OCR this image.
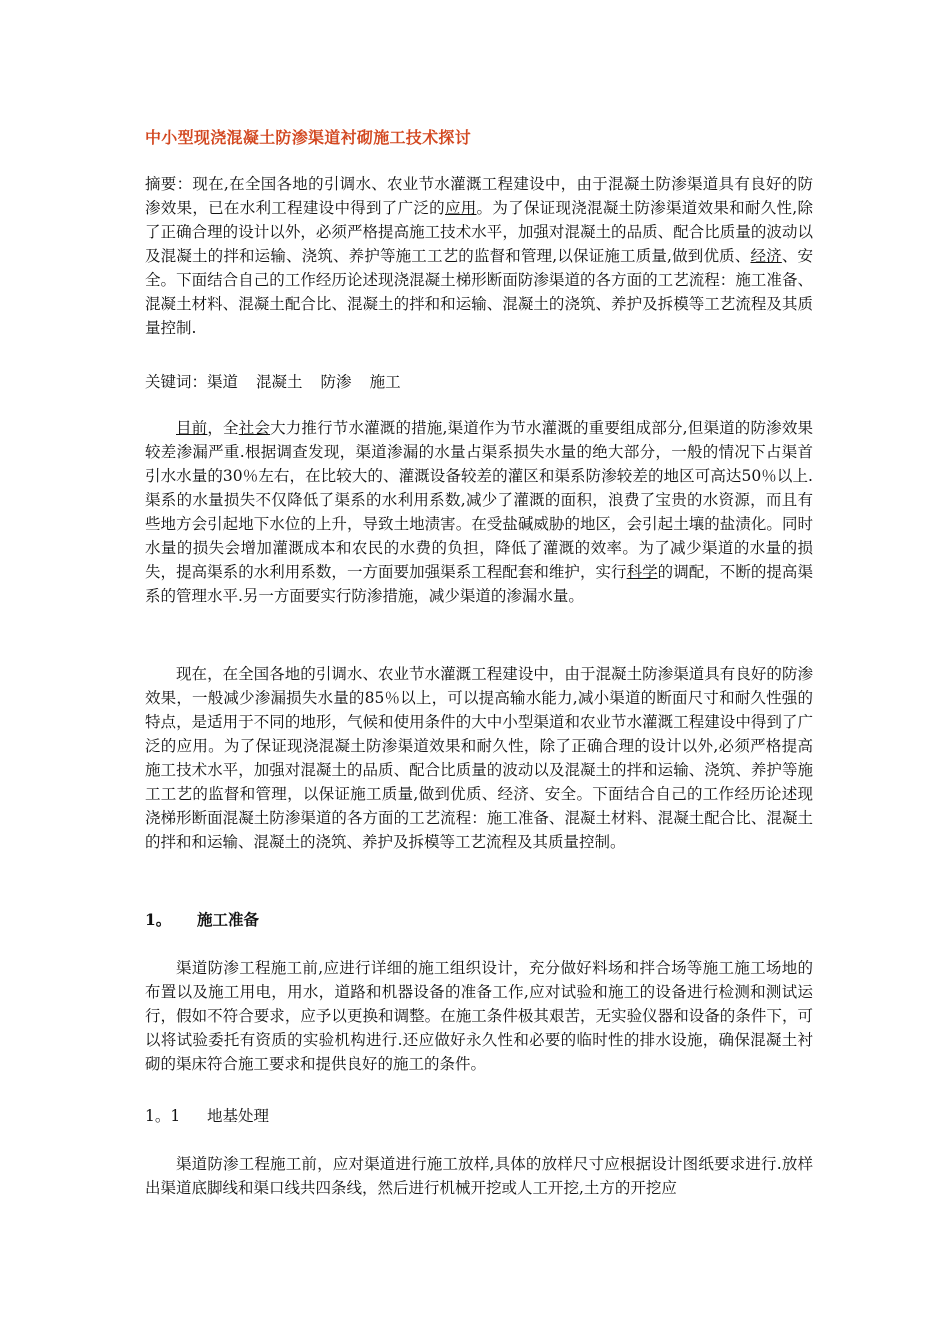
中小型现浇混凝土防渗渠道衬砌施工技术探讨
摘要：现在,在全国各地的引调水、农业节水灌溉工程建设中，由于混凝土防渗渠道具有良好的防渗效果，已在水利工程建设中得到了广泛的应用。为了保证现浇混凝土防渗渠道效果和耐久性,除了正确合理的设计以外，必须严格提高施工技术水平，加强对混凝土的品质、配合比质量的波动以及混凝土的拌和运输、浇筑、养护等施工工艺的监督和管理,以保证施工质量,做到优质、经济、安全。下面结合自己的工作经历论述现浇混凝土梯形断面防渗渠道的各方面的工艺流程：施工准备、混凝土材料、混凝土配合比、混凝土的拌和和运输、混凝土的浇筑、养护及拆模等工艺流程及其质量控制.
关键词：渠道 混凝土 防渗 施工
目前，全社会大力推行节水灌溉的措施,渠道作为节水灌溉的重要组成部分,但渠道的防渗效果较差渗漏严重.根据调查发现，渠道渗漏的水量占渠系损失水量的绝大部分，一般的情况下占渠首引水水量的30％左右，在比较大的、灌溉设备较差的灌区和渠系防渗较差的地区可高达50％以上.渠系的水量损失不仅降低了渠系的水利用系数,减少了灌溉的面积，浪费了宝贵的水资源，而且有些地方会引起地下水位的上升，导致土地渍害。在受盐碱威胁的地区，会引起土壤的盐渍化。同时水量的损失会增加灌溉成本和农民的水费的负担，降低了灌溉的效率。为了减少渠道的水量的损失，提高渠系的水利用系数，一方面要加强渠系工程配套和维护，实行科学的调配，不断的提高渠系的管理水平.另一方面要实行防渗措施，减少渠道的渗漏水量。
现在，在全国各地的引调水、农业节水灌溉工程建设中，由于混凝土防渗渠道具有良好的防渗效果，一般减少渗漏损失水量的85％以上，可以提高输水能力,减小渠道的断面尺寸和耐久性强的特点，是适用于不同的地形，气候和使用条件的大中小型渠道和农业节水灌溉工程建设中得到了广泛的应用。为了保证现浇混凝土防渗渠道效果和耐久性，除了正确合理的设计以外,必须严格提高施工技术水平，加强对混凝土的品质、配合比质量的波动以及混凝土的拌和运输、浇筑、养护等施工工艺的监督和管理，以保证施工质量,做到优质、经济、安全。下面结合自己的工作经历论述现浇梯形断面混凝土防渗渠道的各方面的工艺流程：施工准备、混凝土材料、混凝土配合比、混凝土的拌和和运输、混凝土的浇筑、养护及拆模等工艺流程及其质量控制。
1。 施工准备
渠道防渗工程施工前,应进行详细的施工组织设计，充分做好料场和拌合场等施工施工场地的布置以及施工用电，用水，道路和机器设备的准备工作,应对试验和施工的设备进行检测和测试运行，假如不符合要求，应予以更换和调整。在施工条件极其艰苦，无实验仪器和设备的条件下，可以将试验委托有资质的实验机构进行.还应做好永久性和必要的临时性的排水设施，确保混凝土衬砌的渠床符合施工要求和提供良好的施工的条件。
1。1 地基处理
渠道防渗工程施工前，应对渠道进行施工放样,具体的放样尺寸应根据设计图纸要求进行.放样出渠道底脚线和渠口线共四条线，然后进行机械开挖或人工开挖,土方的开挖应
